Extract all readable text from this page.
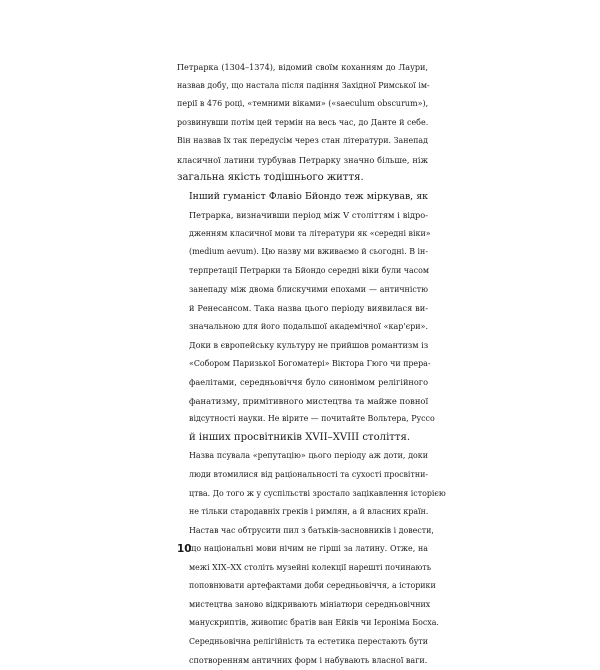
Петрарка (1304–1374), відомий своїм коханням до Лаури,
назвав добу, що настала після падіння Західної Римської ім-
перії в 476 році, «темними віками» («saeculum obscurum»),
розвинувши потім цей термін на весь час, до Данте й себе.
Він назвав їх так передусім через стан літератури. Занепад
класичної латини турбував Петрарку значно більше, ніж
загальна якість тодішнього життя.

Інший гуманіст Флавіо Бйондо теж міркував, як
Петрарка, визначивши період між V століттям і відро-
дженням класичної мови та літератури як «середні віки»
(medium aevum). Цю назву ми вживаємо й сьогодні. В ін-
терпретації Петрарки та Бйондо середні віки були часом
занепаду між двома блискучими епохами — античністю
й Ренесансом. Така назва цього періоду виявилася ви-
значальною для його подальшої академічної «кар'єри».
Доки в європейську культуру не прийшов романтизм із
«Собором Паризької Богоматері» Віктора Гюго чи прера-
фаелітами, середньовіччя було синонімом релігійного
фанатизму, примітивного мистецтва та майже повної
відсутності науки. Не вірите — почитайте Вольтера, Руссо
й інших просвітників XVII–XVIII століття.

Назва псувала «репутацію» цього періоду аж доти, доки
люди втомилися від раціональності та сухості просвітни-
цтва. До того ж у суспільстві зростало зацікавлення історією
не тільки стародавніх греків і римлян, а й власних країн.
Настав час обтрусити пил з батьків-засновників і довести,
що національні мови нічим не гірші за латину. Отже, на
межі XIX–XX століть музейні колекції нарешті починають
поповнювати артефактами доби середньовіччя, а історики
мистецтва заново відкривають мініатюри середньовічних
манускриптів, живопис братів ван Ейків чи Ієроніма Босха.
Середньовічна релігійність та естетика перестають бути
спотворенням античних форм і набувають власної ваги.

10
